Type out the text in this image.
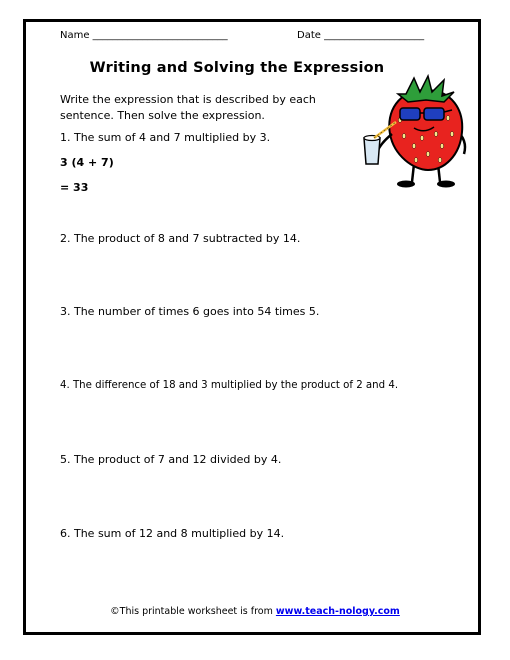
Name ___________________________	Date ____________________

Writing and Solving the Expression

Write the expression that is described by each

sentence. Then solve the expression.

1. The sum of 4 and 7 multiplied by 3.

3 (4 + 7)

= 33

2. The product of 8 and 7 subtracted by 14.

3. The number of times 6 goes into 54 times 5.

4. The difference of 18 and 3 multiplied by the product of 2 and 4.

5. The product of 7 and 12 divided by 4.

6. The sum of 12 and 8 multiplied by 14.

©This printable worksheet is from www.teach-nology.com
